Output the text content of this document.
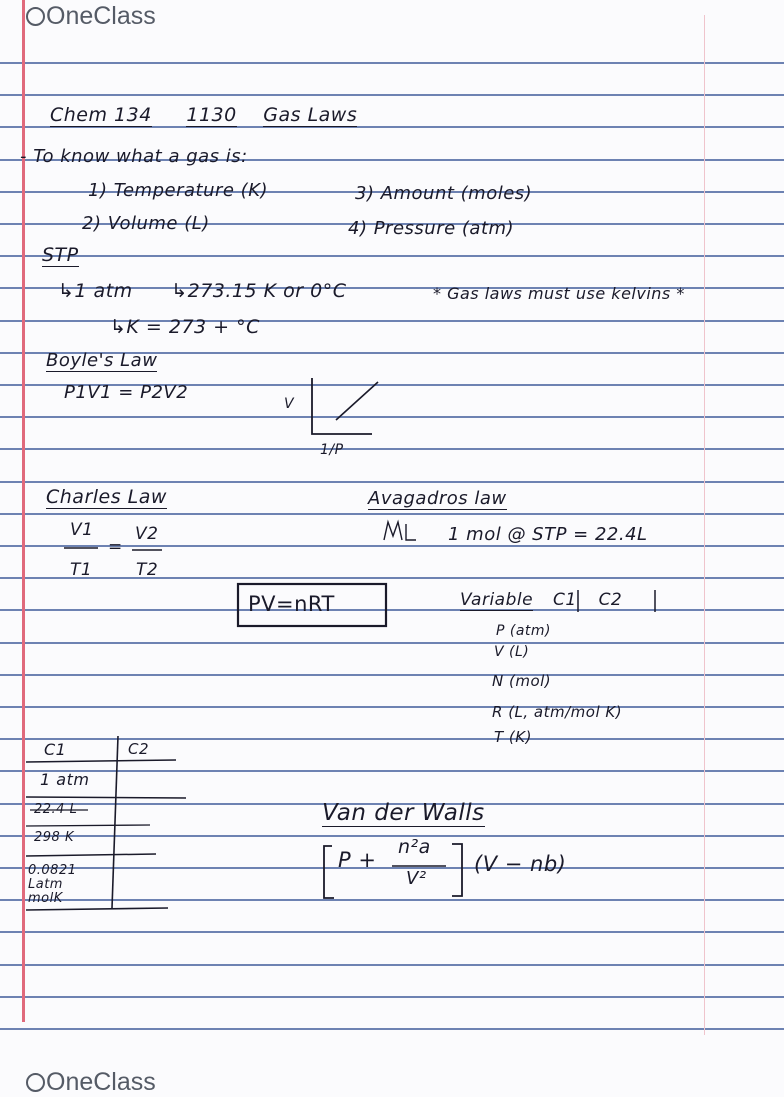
OneClass
Chem 134 1130 Gas Laws
- To know what a gas is:
1) Temperature (K)	3) Amount (moles)
2) Volume (L)	4) Pressure (atm)
STP
↳1 atm ↳273.15 K or 0°C	* Gas laws must use kelvins *
↳K = 273 + °C
Boyle's Law
P1V1 = P2V2
V
1/P
Charles Law
V1 V2
=
T1	T2
Avagadros law
1 mol @ STP = 22.4L
PV=nRT	Variable C1 C2
P (atm)
V (L)
N (mol)
R (L, atm/mol K)
T (K)
C1	C2
1 atm
22.4 L
298 K
0.0821
Latm
molK
Van der Walls
P +
n²a
V²
(V − nb)
OneClass
